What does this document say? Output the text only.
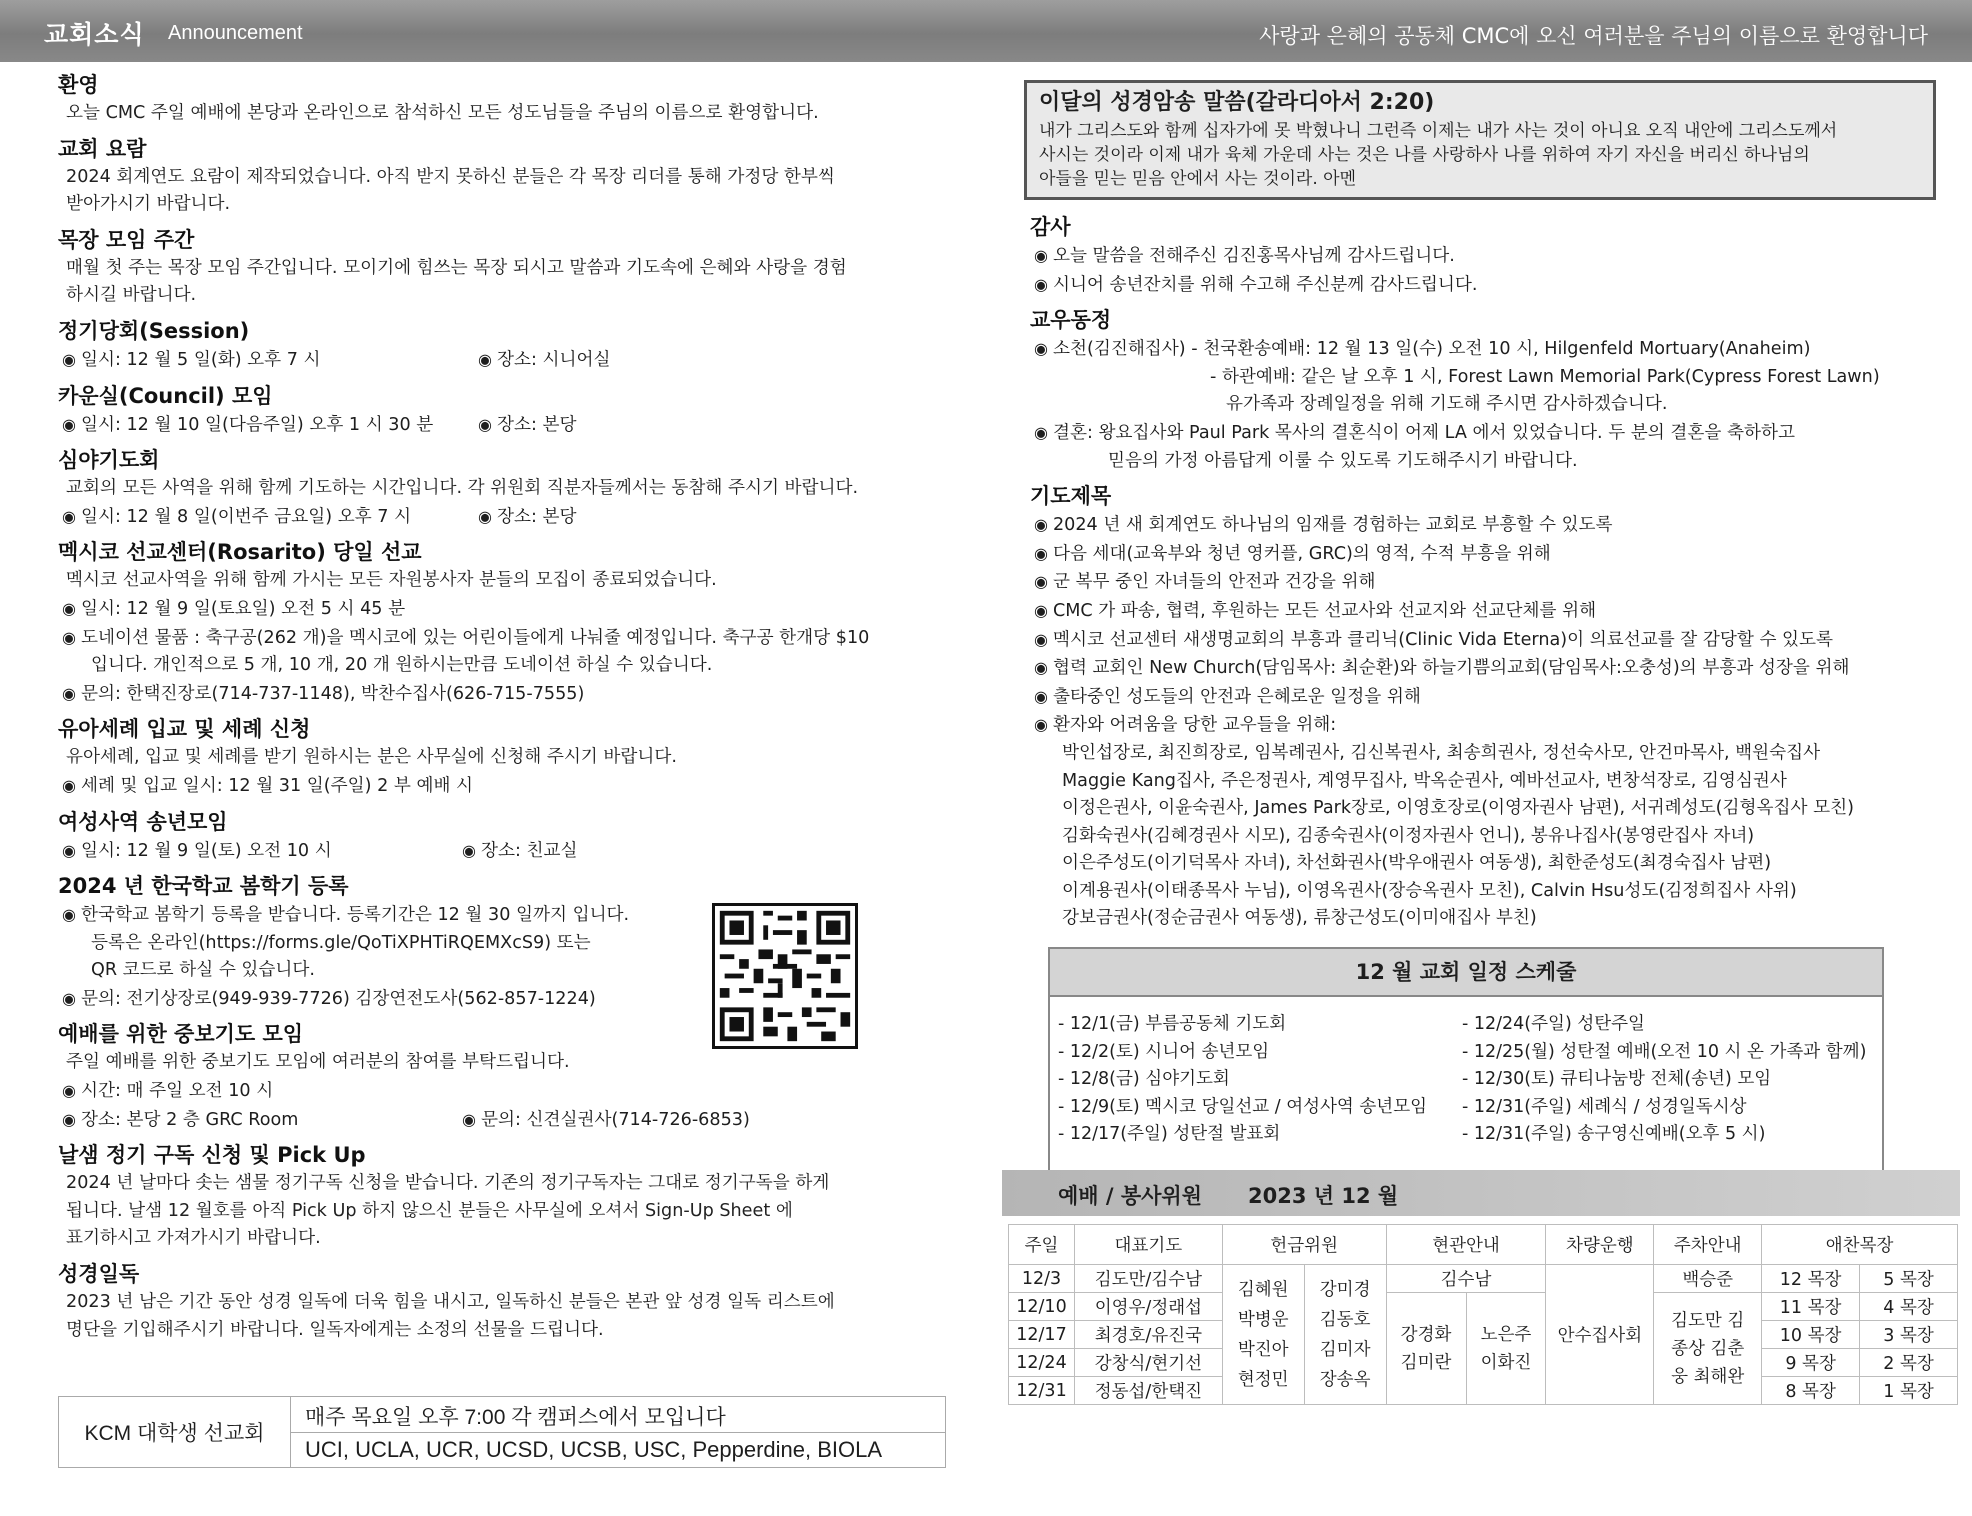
교회소식 Announcement	사랑과 은혜의 공동체 CMC에 오신 여러분을 주님의 이름으로 환영합니다
환영
오늘 CMC 주일 예배에 본당과 온라인으로 참석하신 모든 성도님들을 주님의 이름으로 환영합니다.
교회 요람
2024 회계연도 요람이 제작되었습니다. 아직 받지 못하신 분들은 각 목장 리더를 통해 가정당 한부씩
받아가시기 바랍니다.
목장 모임 주간
매월 첫 주는 목장 모임 주간입니다. 모이기에 힘쓰는 목장 되시고 말씀과 기도속에 은혜와 사랑을 경험
하시길 바랍니다.
정기당회(Session)
◉ 일시: 12 월 5 일(화) 오후 7 시	◉ 장소: 시니어실
카운실(Council) 모임
◉ 일시: 12 월 10 일(다음주일) 오후 1 시 30 분	◉ 장소: 본당
심야기도회
교회의 모든 사역을 위해 함께 기도하는 시간입니다. 각 위원회 직분자들께서는 동참해 주시기 바랍니다.
◉ 일시: 12 월 8 일(이번주 금요일) 오후 7 시	◉ 장소: 본당
멕시코 선교센터(Rosarito) 당일 선교
멕시코 선교사역을 위해 함께 가시는 모든 자원봉사자 분들의 모집이 종료되었습니다.
◉ 일시: 12 월 9 일(토요일) 오전 5 시 45 분
◉ 도네이션 물품 : 축구공(262 개)을 멕시코에 있는 어린이들에게 나눠줄 예정입니다. 축구공 한개당 $10
입니다. 개인적으로 5 개, 10 개, 20 개 원하시는만큼 도네이션 하실 수 있습니다.
◉ 문의: 한택진장로(714-737-1148), 박찬수집사(626-715-7555)
유아세례 입교 및 세례 신청
유아세례, 입교 및 세례를 받기 원하시는 분은 사무실에 신청해 주시기 바랍니다.
◉ 세례 및 입교 일시: 12 월 31 일(주일) 2 부 예배 시
여성사역 송년모임
◉ 일시: 12 월 9 일(토) 오전 10 시	◉ 장소: 친교실
2024 년 한국학교 봄학기 등록
◉ 한국학교 봄학기 등록을 받습니다. 등록기간은 12 월 30 일까지 입니다.
등록은 온라인(https://forms.gle/QoTiXPHTiRQEMXcS9) 또는
QR 코드로 하실 수 있습니다.
◉ 문의: 전기상장로(949-939-7726) 김장연전도사(562-857-1224)
예배를 위한 중보기도 모임
주일 예배를 위한 중보기도 모임에 여러분의 참여를 부탁드립니다.
◉ 시간: 매 주일 오전 10 시
◉ 장소: 본당 2 층 GRC Room	◉ 문의: 신견실권사(714-726-6853)
날샘 정기 구독 신청 및 Pick Up
2024 년 날마다 솟는 샘물 정기구독 신청을 받습니다. 기존의 정기구독자는 그대로 정기구독을 하게
됩니다. 날샘 12 월호를 아직 Pick Up 하지 않으신 분들은 사무실에 오셔서 Sign-Up Sheet 에
표기하시고 가져가시기 바랍니다.
성경일독
2023 년 남은 기간 동안 성경 일독에 더욱 힘을 내시고, 일독하신 분들은 본관 앞 성경 일독 리스트에
명단을 기입해주시기 바랍니다. 일독자에게는 소정의 선물을 드립니다.
KCM 대학생 선교회
매주 목요일 오후 7:00 각 캠퍼스에서 모입니다
UCI, UCLA, UCR, UCSD, UCSB, USC, Pepperdine, BIOLA
이달의 성경암송 말씀(갈라디아서 2:20)
내가 그리스도와 함께 십자가에 못 박혔나니 그런즉 이제는 내가 사는 것이 아니요 오직 내안에 그리스도께서
사시는 것이라 이제 내가 육체 가운데 사는 것은 나를 사랑하사 나를 위하여 자기 자신을 버리신 하나님의
아들을 믿는 믿음 안에서 사는 것이라. 아멘
감사
◉ 오늘 말씀을 전해주신 김진홍목사님께 감사드립니다.
◉ 시니어 송년잔치를 위해 수고해 주신분께 감사드립니다.
교우동정
◉ 소천(김진해집사) - 천국환송예배: 12 월 13 일(수) 오전 10 시, Hilgenfeld Mortuary(Anaheim)
- 하관예배: 같은 날 오후 1 시, Forest Lawn Memorial Park(Cypress Forest Lawn)
유가족과 장례일정을 위해 기도해 주시면 감사하겠습니다.
◉ 결혼: 왕요집사와 Paul Park 목사의 결혼식이 어제 LA 에서 있었습니다. 두 분의 결혼을 축하하고
믿음의 가정 아름답게 이룰 수 있도록 기도해주시기 바랍니다.
기도제목
◉ 2024 년 새 회계연도 하나님의 임재를 경험하는 교회로 부흥할 수 있도록
◉ 다음 세대(교육부와 청년 영커플, GRC)의 영적, 수적 부흥을 위해
◉ 군 복무 중인 자녀들의 안전과 건강을 위해
◉ CMC 가 파송, 협력, 후원하는 모든 선교사와 선교지와 선교단체를 위해
◉ 멕시코 선교센터 새생명교회의 부흥과 클리닉(Clinic Vida Eterna)이 의료선교를 잘 감당할 수 있도록
◉ 협력 교회인 New Church(담임목사: 최순환)와 하늘기쁨의교회(담임목사:오충성)의 부흥과 성장을 위해
◉ 출타중인 성도들의 안전과 은혜로운 일정을 위해
◉ 환자와 어려움을 당한 교우들을 위해:
박인섭장로, 최진희장로, 임복례권사, 김신복권사, 최송희권사, 정선숙사모, 안건마목사, 백원숙집사
Maggie Kang집사, 주은정권사, 계영무집사, 박옥순권사, 예바선교사, 변창석장로, 김영심권사
이정은권사, 이윤숙권사, James Park장로, 이영호장로(이영자권사 남편), 서귀례성도(김형옥집사 모친)
김화숙권사(김혜경권사 시모), 김종숙권사(이정자권사 언니), 봉유나집사(봉영란집사 자녀)
이은주성도(이기덕목사 자녀), 차선화권사(박우애권사 여동생), 최한준성도(최경숙집사 남편)
이계용권사(이태종목사 누님), 이영옥권사(장승옥권사 모친), Calvin Hsu성도(김정희집사 사위)
강보금권사(정순금권사 여동생), 류창근성도(이미애집사 부친)
12 월 교회 일정 스케줄
- 12/1(금) 부름공동체 기도회
- 12/2(토) 시니어 송년모임
- 12/8(금) 심야기도회
- 12/9(토) 멕시코 당일선교 / 여성사역 송년모임
- 12/17(주일) 성탄절 발표회
- 12/24(주일) 성탄주일
- 12/25(월) 성탄절 예배(오전 10 시 온 가족과 함께)
- 12/30(토) 큐티나눔방 전체(송년) 모임
- 12/31(주일) 세례식 / 성경일독시상
- 12/31(주일) 송구영신예배(오후 5 시)
예배 / 봉사위원 2023 년 12 월
주일	대표기도	헌금위원		현관안내		차량운행	주차안내	애찬목장	
12/3	김도만/김수남	김혜원 박병운 박진아 현정민	강미경 김동호 김미자 장송옥	김수남		안수집사회	백승준	12 목장	5 목장
12/10	이영우/정래섭			강경화 김미란	노은주 이화진		김도만 김종상 김춘웅 최해완	11 목장	4 목장
12/17	최경호/유진국							10 목장	3 목장
12/24	강창식/현기선							9 목장	2 목장
12/31	정동섭/한택진							8 목장	1 목장
